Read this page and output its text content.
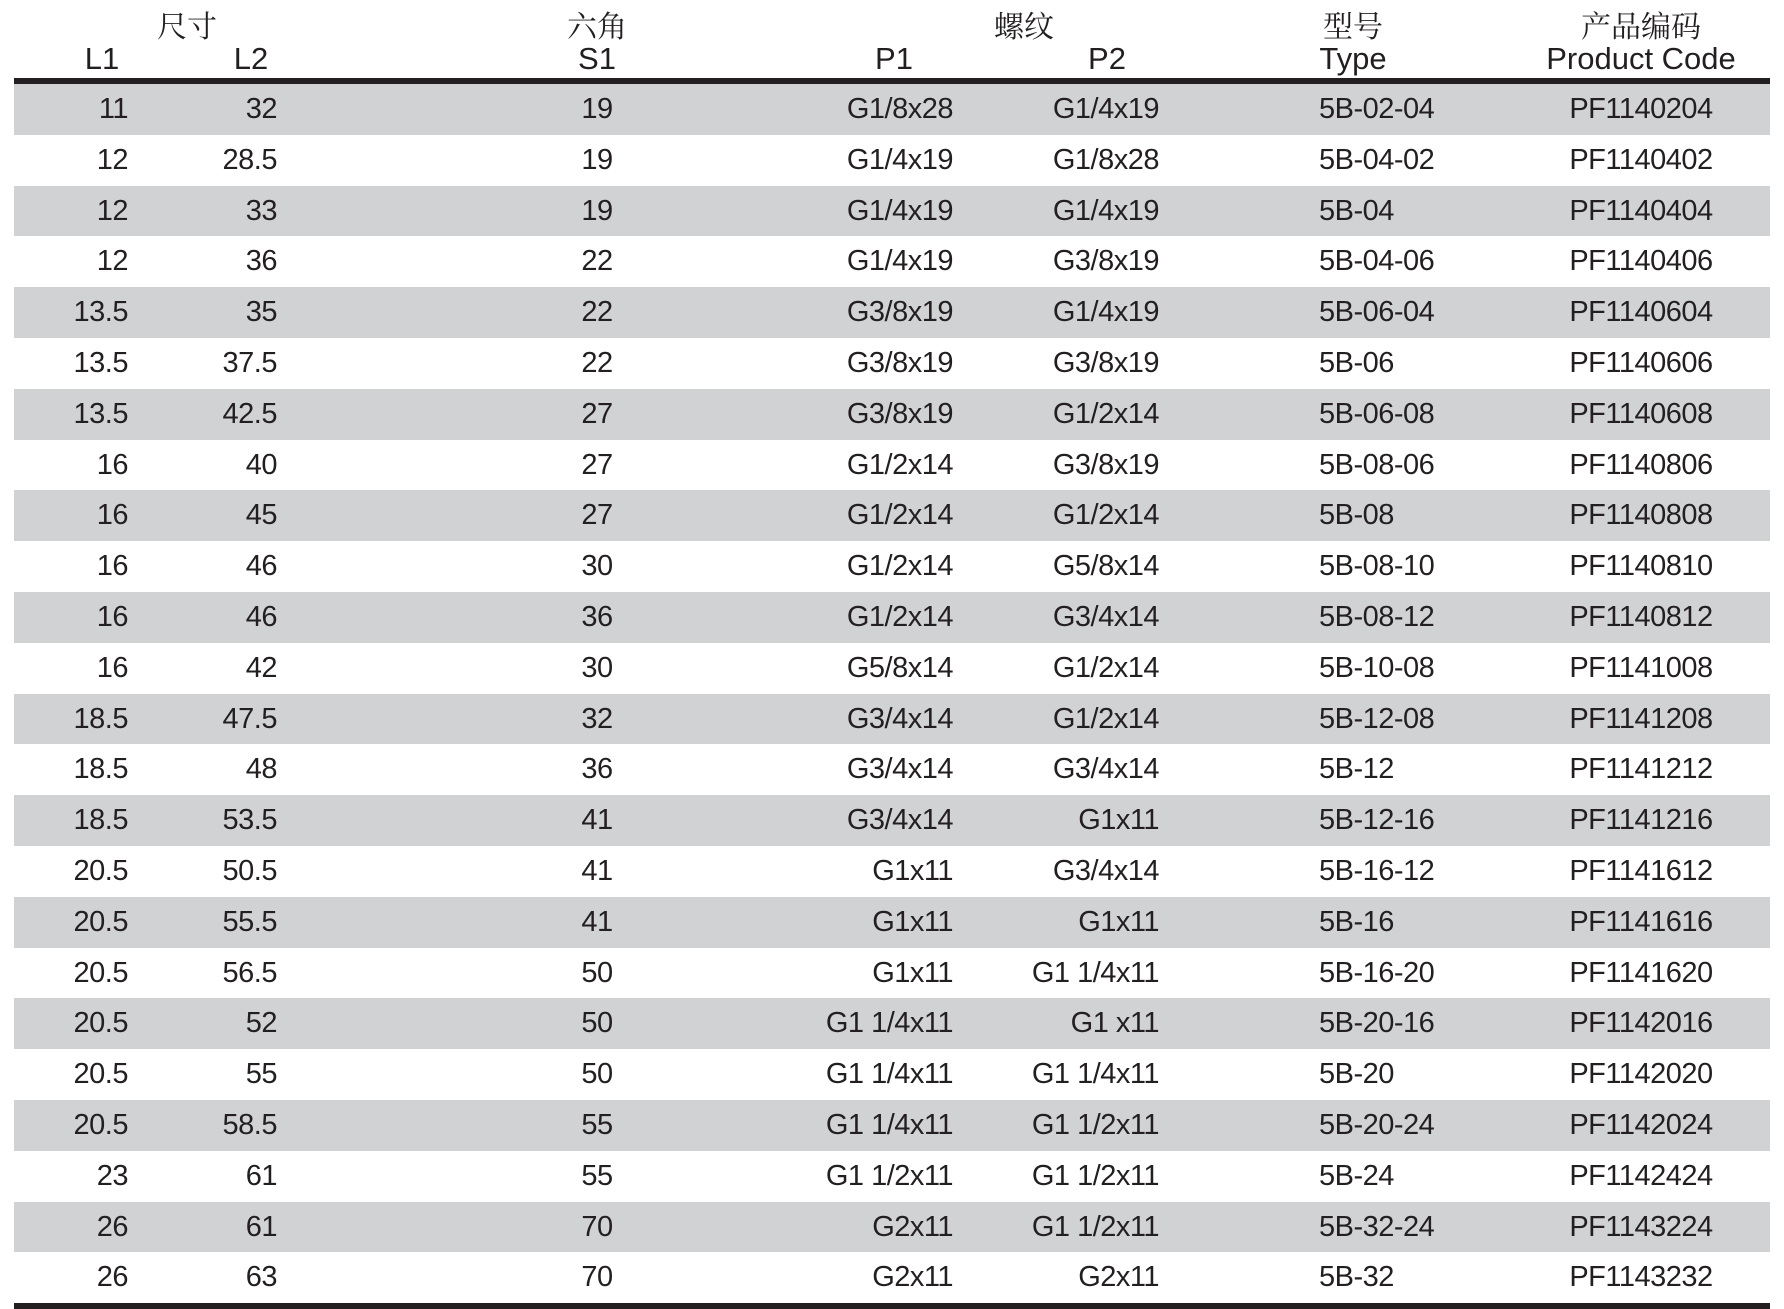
尺寸	六角	螺纹	型号	产品编码
L1	L2	S1	P1	P2	Type	Product Code
11	32	19	G1/8x28	G1/4x19	5B-02-04	PF1140204
12	28.5	19	G1/4x19	G1/8x28	5B-04-02	PF1140402
12	33	19	G1/4x19	G1/4x19	5B-04	PF1140404
12	36	22	G1/4x19	G3/8x19	5B-04-06	PF1140406
13.5	35	22	G3/8x19	G1/4x19	5B-06-04	PF1140604
13.5	37.5	22	G3/8x19	G3/8x19	5B-06	PF1140606
13.5	42.5	27	G3/8x19	G1/2x14	5B-06-08	PF1140608
16	40	27	G1/2x14	G3/8x19	5B-08-06	PF1140806
16	45	27	G1/2x14	G1/2x14	5B-08	PF1140808
16	46	30	G1/2x14	G5/8x14	5B-08-10	PF1140810
16	46	36	G1/2x14	G3/4x14	5B-08-12	PF1140812
16	42	30	G5/8x14	G1/2x14	5B-10-08	PF1141008
18.5	47.5	32	G3/4x14	G1/2x14	5B-12-08	PF1141208
18.5	48	36	G3/4x14	G3/4x14	5B-12	PF1141212
18.5	53.5	41	G3/4x14	G1x11	5B-12-16	PF1141216
20.5	50.5	41	G1x11	G3/4x14	5B-16-12	PF1141612
20.5	55.5	41	G1x11	G1x11	5B-16	PF1141616
20.5	56.5	50	G1x11	G1 1/4x11	5B-16-20	PF1141620
20.5	52	50	G1 1/4x11	G1 x11	5B-20-16	PF1142016
20.5	55	50	G1 1/4x11	G1 1/4x11	5B-20	PF1142020
20.5	58.5	55	G1 1/4x11	G1 1/2x11	5B-20-24	PF1142024
23	61	55	G1 1/2x11	G1 1/2x11	5B-24	PF1142424
26	61	70	G2x11	G1 1/2x11	5B-32-24	PF1143224
26	63	70	G2x11	G2x11	5B-32	PF1143232
